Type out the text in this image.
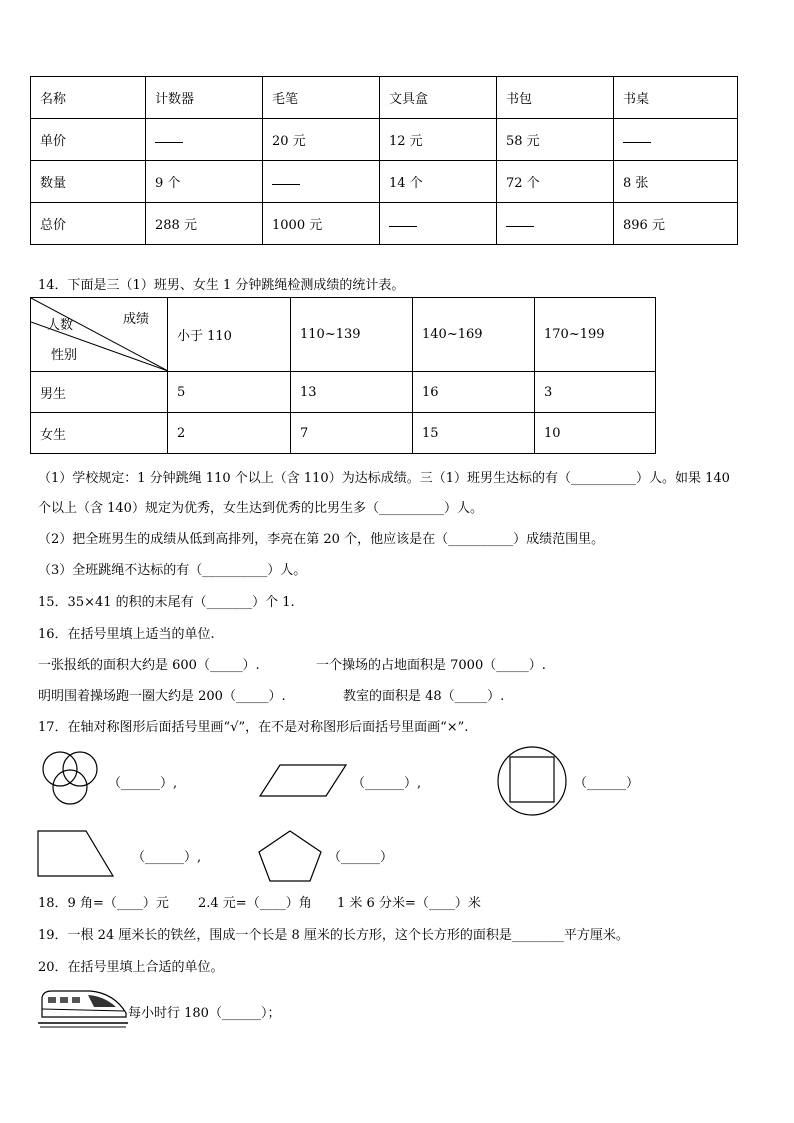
名称	计数器	毛笔	文具盒	书包	书桌
单价		20 元	12 元	58 元	
数量	9 个		14 个	72 个	8 张
总价	288 元	1000 元			896 元
14．下面是三（1）班男、女生 1 分钟跳绳检测成绩的统计表。
成绩
人数
性别	小于 110	110~139	140~169	170~199
男生	5	13	16	3
女生	2	7	15	10
（1）学校规定：1 分钟跳绳 110 个以上（含 110）为达标成绩。三（1）班男生达标的有（__________）人。如果 140
个以上（含 140）规定为优秀，女生达到优秀的比男生多（__________）人。
（2）把全班男生的成绩从低到高排列，李亮在第 20 个，他应该是在（__________）成绩范围里。
（3）全班跳绳不达标的有（__________）人。
15．35×41 的积的末尾有（_______）个 1.
16．在括号里填上适当的单位.
一张报纸的面积大约是 600（_____）.	一个操场的占地面积是 7000（_____）.
明明围着操场跑一圈大约是 200（_____）.	教室的面积是 48（_____）.
17．在轴对称图形后面括号里画“√”，在不是对称图形后面括号里面画“×”.
（______）,	（______）,	（______）
（______）,	（______）
18．9 角=（____）元 2.4 元=（____）角 1 米 6 分米=（____）米
19．一根 24 厘米长的铁丝，围成一个长是 8 厘米的长方形，这个长方形的面积是________平方厘米。
20．在括号里填上合适的单位。
每小时行 180（______）；
